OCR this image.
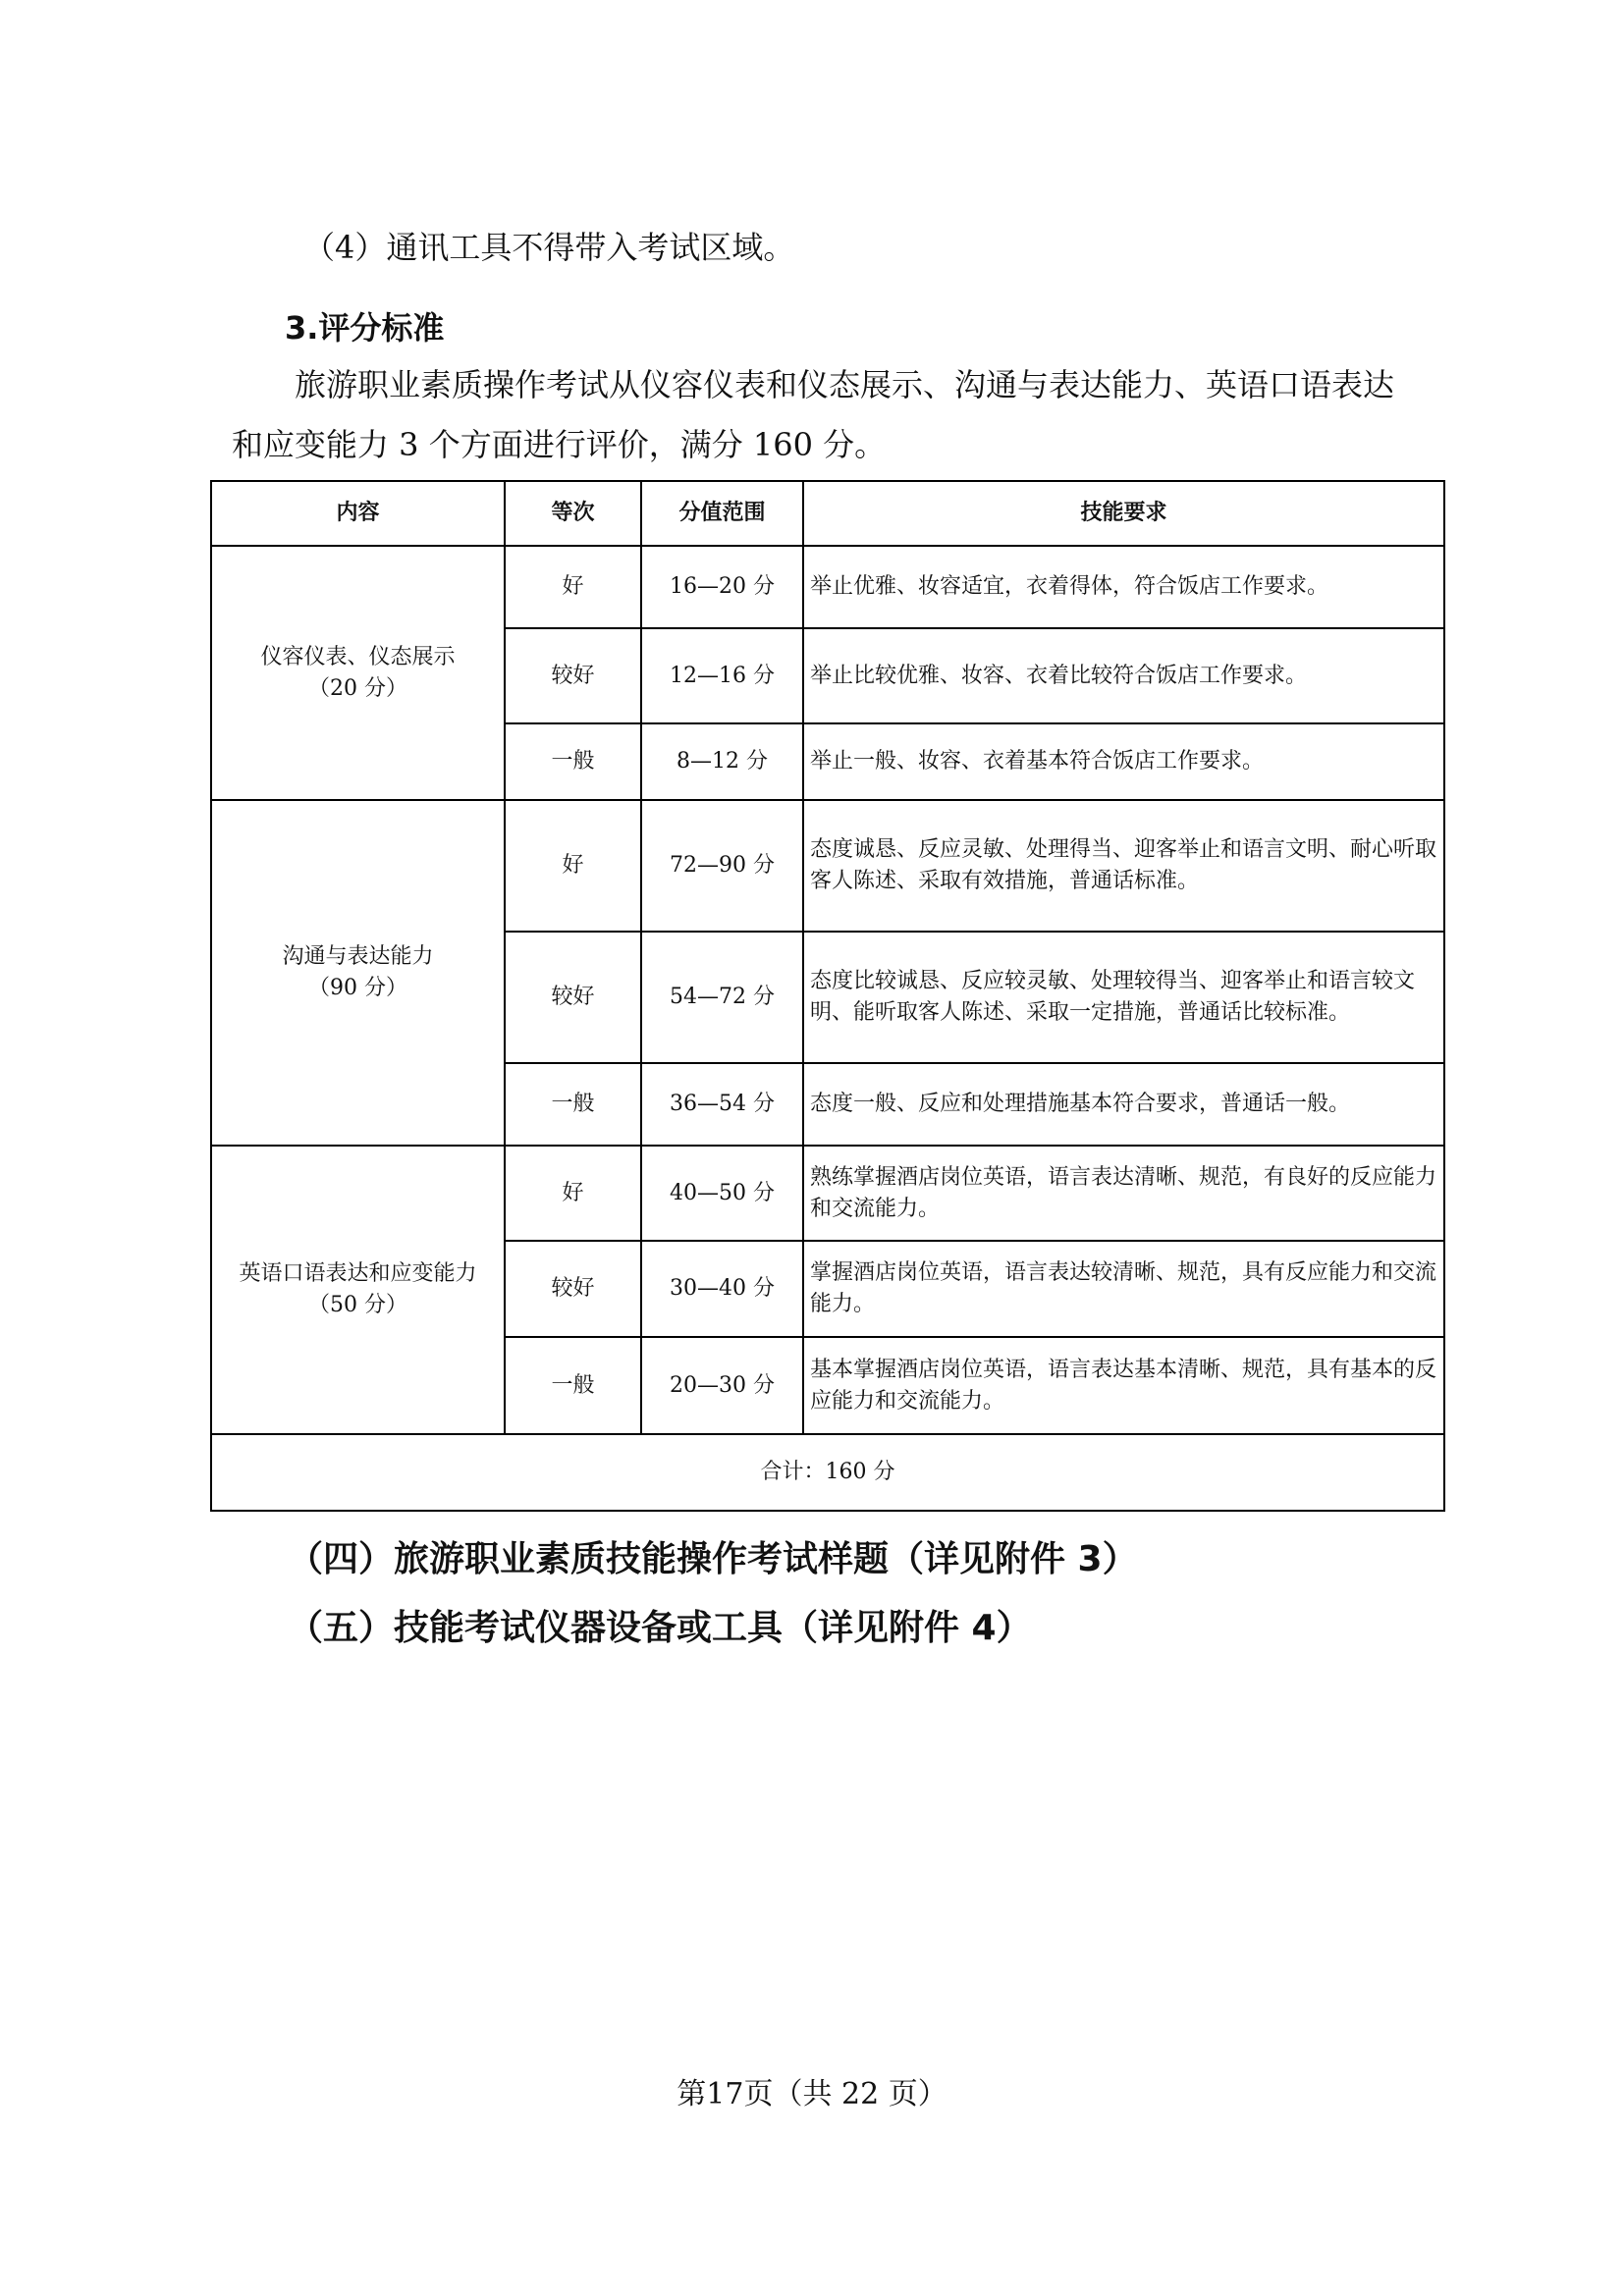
（4）通讯工具不得带入考试区域。
3.评分标准
旅游职业素质操作考试从仪容仪表和仪态展示、沟通与表达能力、英语口语表达
和应变能力 3 个方面进行评价，满分 160 分。
内容	等次	分值范围	技能要求

仪容仪表、仪态展示
（20 分）	好	16—20 分	举止优雅、妆容适宜，衣着得体，符合饭店工作要求。
	较好	12—16 分	举止比较优雅、妆容、衣着比较符合饭店工作要求。
	一般	8—12 分	举止一般、妆容、衣着基本符合饭店工作要求。

沟通与表达能力
（90 分）	好	72—90 分	态度诚恳、反应灵敏、处理得当、迎客举止和语言文明、耐心听取客人陈述、采取有效措施，普通话标准。
	较好	54—72 分	态度比较诚恳、反应较灵敏、处理较得当、迎客举止和语言较文明、能听取客人陈述、采取一定措施，普通话比较标准。
	一般	36—54 分	态度一般、反应和处理措施基本符合要求，普通话一般。

英语口语表达和应变能力
（50 分）	好	40—50 分	熟练掌握酒店岗位英语，语言表达清晰、规范，有良好的反应能力和交流能力。
	较好	30—40 分	掌握酒店岗位英语，语言表达较清晰、规范，具有反应能力和交流能力。
	一般	20—30 分	基本掌握酒店岗位英语，语言表达基本清晰、规范，具有基本的反应能力和交流能力。
合计：160 分			
（四）旅游职业素质技能操作考试样题（详见附件 3）
（五）技能考试仪器设备或工具（详见附件 4）
第17页（共 22 页）
